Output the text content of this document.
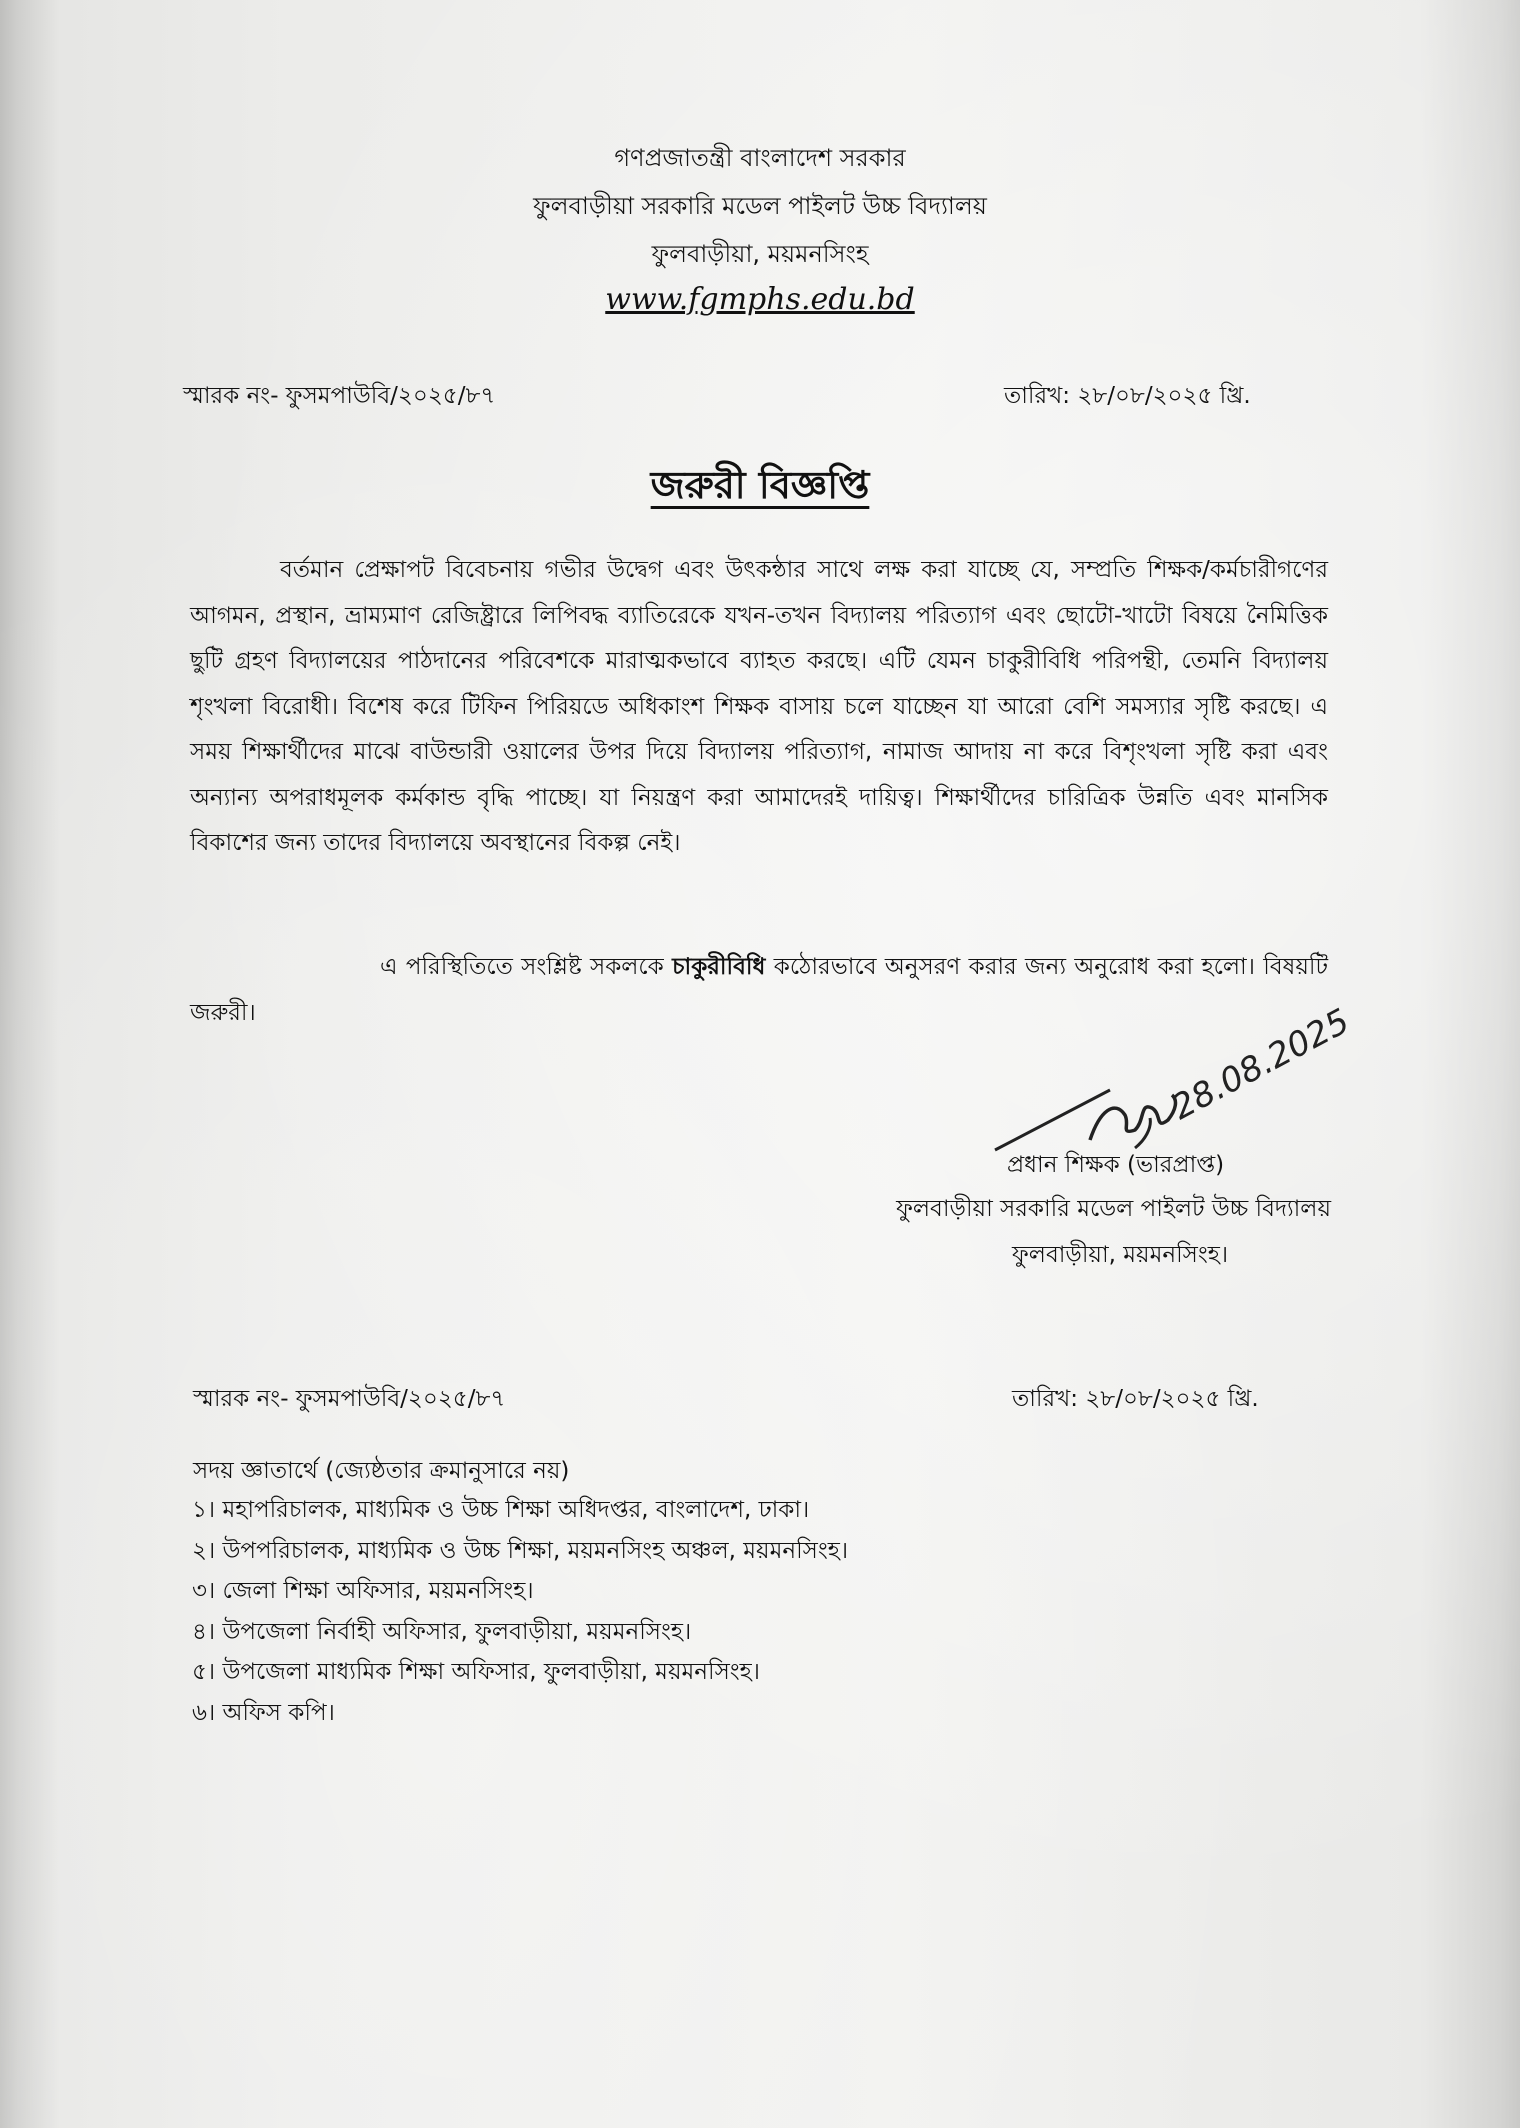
গণপ্রজাতন্ত্রী বাংলাদেশ সরকার
ফুলবাড়ীয়া সরকারি মডেল পাইলট উচ্চ বিদ্যালয়
ফুলবাড়ীয়া, ময়মনসিংহ
www.fgmphs.edu.bd
স্মারক নং- ফুসমপাউবি/২০২৫/৮৭	তারিখ: ২৮/০৮/২০২৫ খ্রি.
জরুরী বিজ্ঞপ্তি
বর্তমান প্রেক্ষাপট বিবেচনায় গভীর উদ্বেগ এবং উৎকন্ঠার সাথে লক্ষ করা যাচ্ছে যে, সম্প্রতি শিক্ষক/কর্মচারীগণের আগমন, প্রস্থান, ভ্রাম্যমাণ রেজিষ্ট্রারে লিপিবদ্ধ ব্যাতিরেকে যখন-তখন বিদ্যালয় পরিত্যাগ এবং ছোটো-খাটো বিষয়ে নৈমিত্তিক ছুটি গ্রহণ বিদ্যালয়ের পাঠদানের পরিবেশকে মারাত্মকভাবে ব্যাহত করছে। এটি যেমন চাকুরীবিধি পরিপন্থী, তেমনি বিদ্যালয় শৃংখলা বিরোধী। বিশেষ করে টিফিন পিরিয়ডে অধিকাংশ শিক্ষক বাসায় চলে যাচ্ছেন যা আরো বেশি সমস্যার সৃষ্টি করছে। এ সময় শিক্ষার্থীদের মাঝে বাউন্ডারী ওয়ালের উপর দিয়ে বিদ্যালয় পরিত্যাগ, নামাজ আদায় না করে বিশৃংখলা সৃষ্টি করা এবং অন্যান্য অপরাধমূলক কর্মকান্ড বৃদ্ধি পাচ্ছে। যা নিয়ন্ত্রণ করা আমাদেরই দায়িত্ব। শিক্ষার্থীদের চারিত্রিক উন্নতি এবং মানসিক বিকাশের জন্য তাদের বিদ্যালয়ে অবস্থানের বিকল্প নেই।
এ পরিস্থিতিতে সংশ্লিষ্ট সকলকে চাকুরীবিধি কঠোরভাবে অনুসরণ করার জন্য অনুরোধ করা হলো। বিষয়টি জরুরী।	28.08.2025
প্রধান শিক্ষক (ভারপ্রাপ্ত)
ফুলবাড়ীয়া সরকারি মডেল পাইলট উচ্চ বিদ্যালয়
ফুলবাড়ীয়া, ময়মনসিংহ।
স্মারক নং- ফুসমপাউবি/২০২৫/৮৭	তারিখ: ২৮/০৮/২০২৫ খ্রি.
সদয় জ্ঞাতার্থে (জ্যেষ্ঠতার ক্রমানুসারে নয়)
১। মহাপরিচালক, মাধ্যমিক ও উচ্চ শিক্ষা অধিদপ্তর, বাংলাদেশ, ঢাকা।
২। উপপরিচালক, মাধ্যমিক ও উচ্চ শিক্ষা, ময়মনসিংহ অঞ্চল, ময়মনসিংহ।
৩। জেলা শিক্ষা অফিসার, ময়মনসিংহ।
৪। উপজেলা নির্বাহী অফিসার, ফুলবাড়ীয়া, ময়মনসিংহ।
৫। উপজেলা মাধ্যমিক শিক্ষা অফিসার, ফুলবাড়ীয়া, ময়মনসিংহ।
৬। অফিস কপি।
